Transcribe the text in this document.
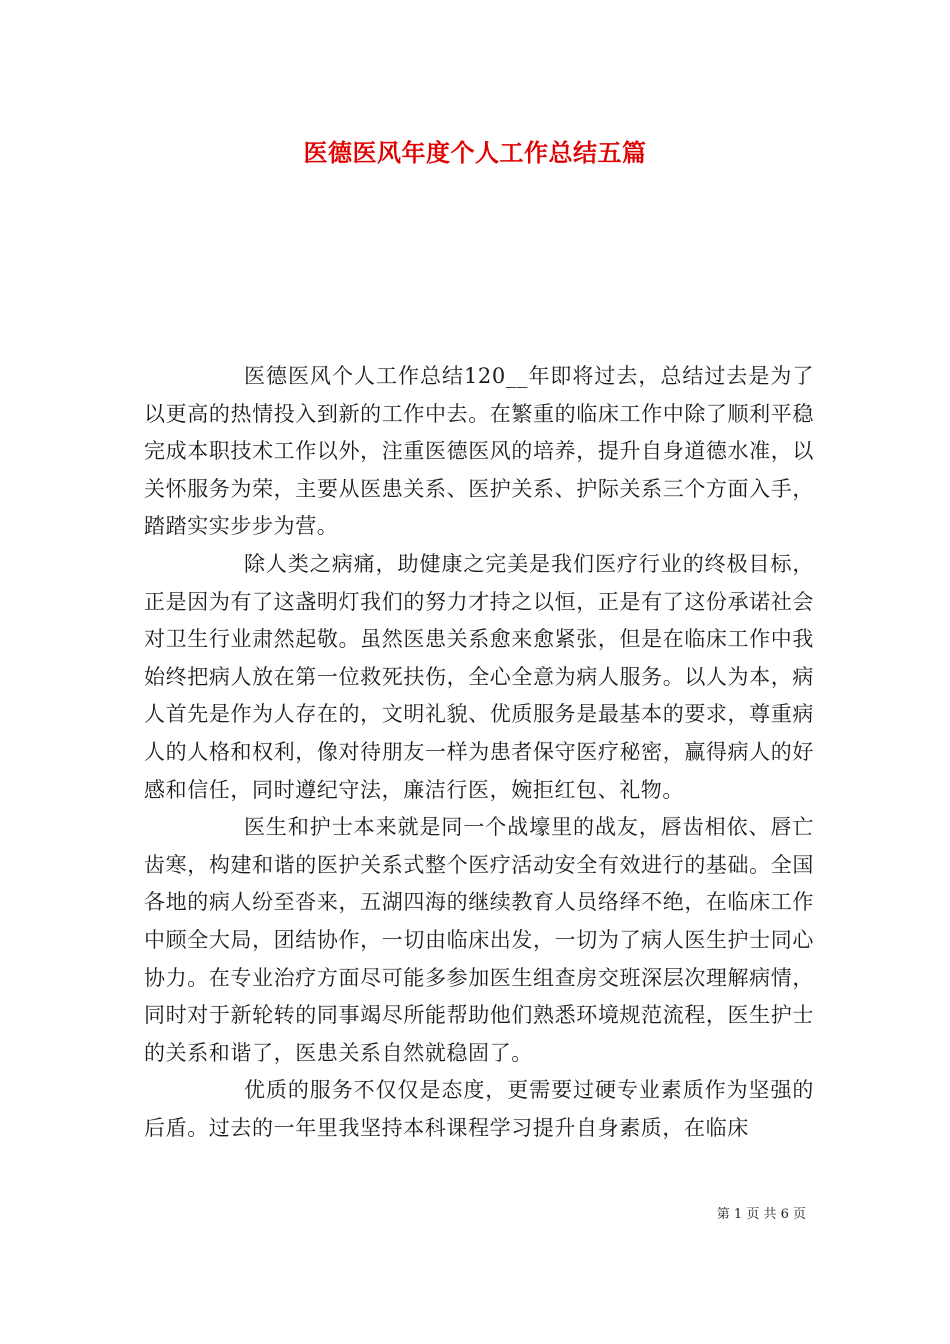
医德医风年度个人工作总结五篇

医德医风个人工作总结120__年即将过去，总结过去是为了以更高的热情投入到新的工作中去。在繁重的临床工作中除了顺利平稳完成本职技术工作以外，注重医德医风的培养，提升自身道德水准，以关怀服务为荣，主要从医患关系、医护关系、护际关系三个方面入手，踏踏实实步步为营。

除人类之病痛，助健康之完美是我们医疗行业的终极目标，正是因为有了这盏明灯我们的努力才持之以恒，正是有了这份承诺社会对卫生行业肃然起敬。虽然医患关系愈来愈紧张，但是在临床工作中我始终把病人放在第一位救死扶伤，全心全意为病人服务。以人为本，病人首先是作为人存在的，文明礼貌、优质服务是最基本的要求，尊重病人的人格和权利，像对待朋友一样为患者保守医疗秘密，赢得病人的好感和信任，同时遵纪守法，廉洁行医，婉拒红包、礼物。

医生和护士本来就是同一个战壕里的战友，唇齿相依、唇亡齿寒，构建和谐的医护关系式整个医疗活动安全有效进行的基础。全国各地的病人纷至沓来，五湖四海的继续教育人员络绎不绝，在临床工作中顾全大局，团结协作，一切由临床出发，一切为了病人医生护士同心协力。在专业治疗方面尽可能多参加医生组查房交班深层次理解病情，同时对于新轮转的同事竭尽所能帮助他们熟悉环境规范流程，医生护士的关系和谐了，医患关系自然就稳固了。

优质的服务不仅仅是态度，更需要过硬专业素质作为坚强的后盾。过去的一年里我坚持本科课程学习提升自身素质，在临床

第 1 页 共 6 页
